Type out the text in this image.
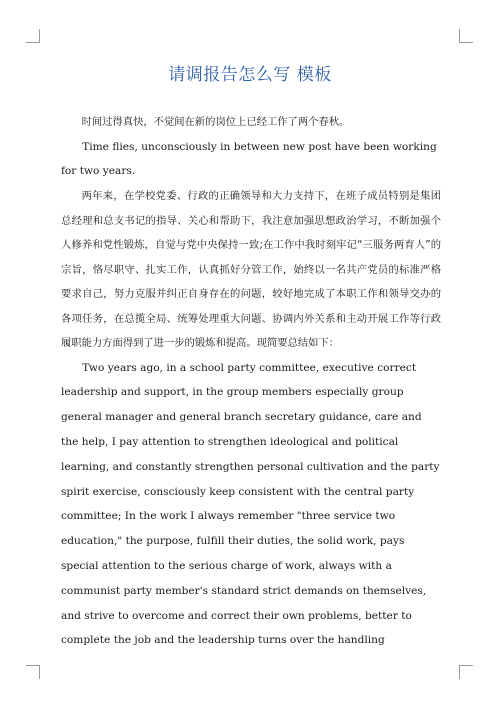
请调报告怎么写 模板

时间过得真快，不觉间在新的岗位上已经工作了两个春秋。

Time flies, unconsciously in between new post have been working for two years.

两年来，在学校党委、行政的正确领导和大力支持下，在班子成员特别是集团总经理和总支书记的指导、关心和帮助下，我注意加强思想政治学习，不断加强个人修养和党性锻炼，自觉与党中央保持一致;在工作中我时刻牢记“三服务两育人”的宗旨，恪尽职守、扎实工作，认真抓好分管工作，始终以一名共产党员的标准严格要求自己，努力克服并纠正自身存在的问题，较好地完成了本职工作和领导交办的各项任务，在总揽全局、统筹处理重大问题、协调内外关系和主动开展工作等行政履职能力方面得到了进一步的锻炼和提高。现简要总结如下：

Two years ago, in a school party committee, executive correct leadership and support, in the group members especially group general manager and general branch secretary guidance, care and the help, I pay attention to strengthen ideological and political learning, and constantly strengthen personal cultivation and the party spirit exercise, consciously keep consistent with the central party committee; In the work I always remember "three service two education," the purpose, fulfill their duties, the solid work, pays special attention to the serious charge of work, always with a communist party member's standard strict demands on themselves, and strive to overcome and correct their own problems, better to complete the job and the leadership turns over the handling
